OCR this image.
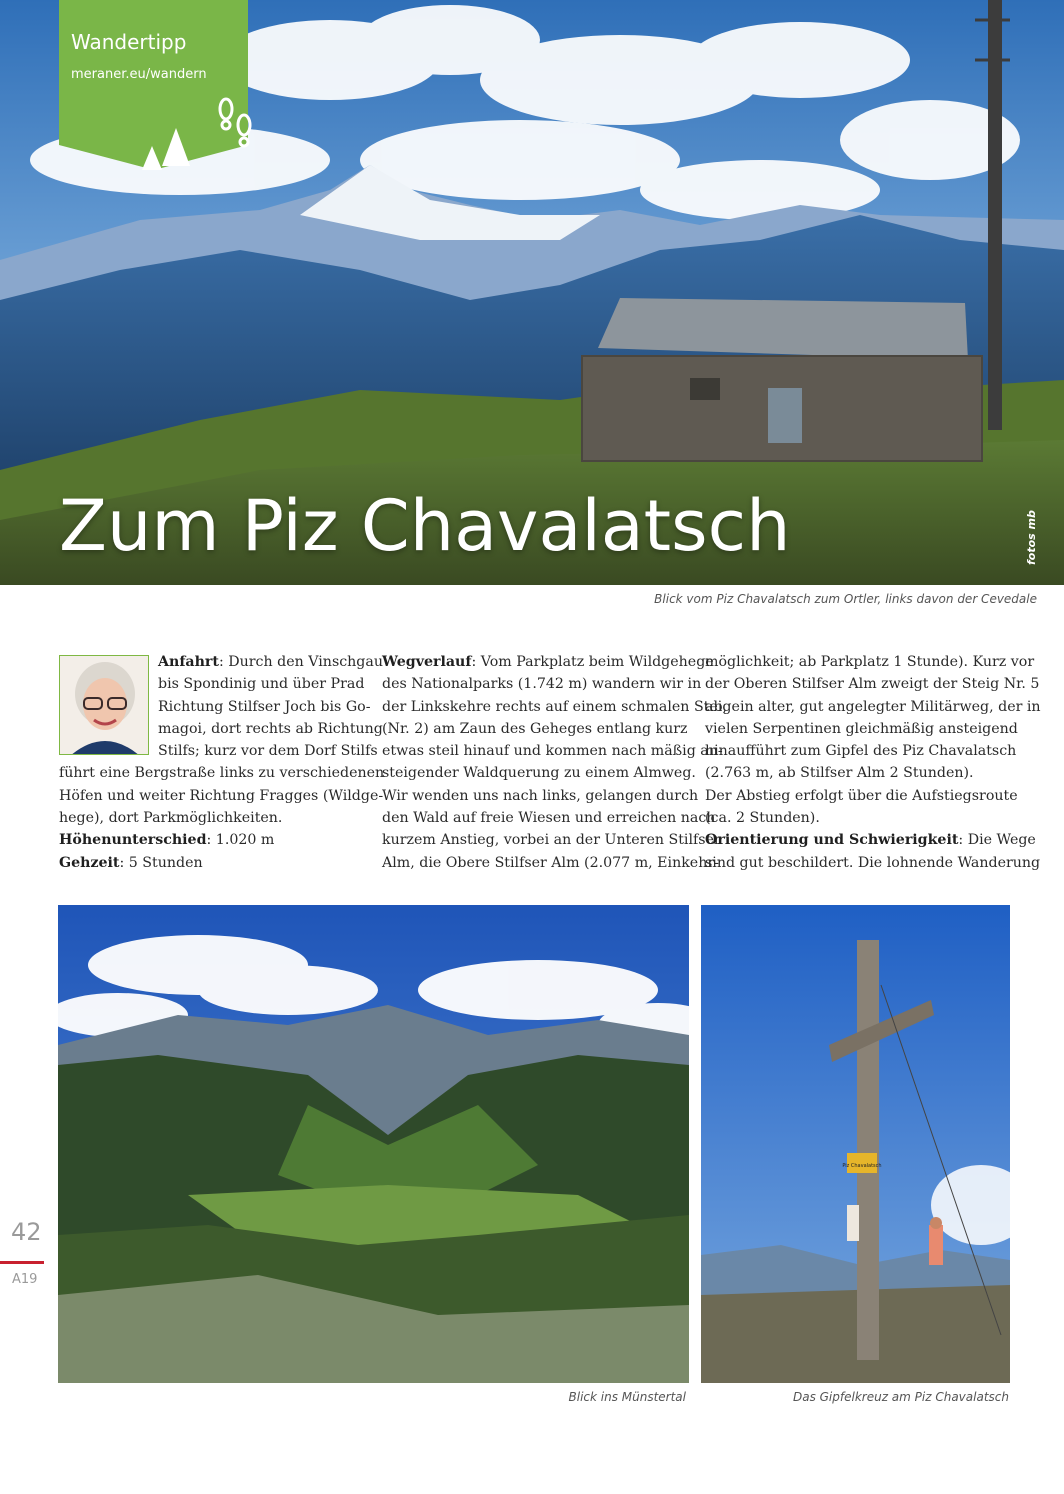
Wandertipp
meraner.eu/wandern
Zum Piz Chavalatsch	fotos mb
Blick vom Piz Chavalatsch zum Ortler, links davon der Cevedale
Anfahrt: Durch den Vinschgau
bis Spondinig und über Prad
Richtung Stilfser Joch bis Go-
magoi, dort rechts ab Richtung
Stilfs; kurz vor dem Dorf Stilfs
führt eine Bergstraße links zu verschiedenen
Höfen und weiter Richtung Fragges (Wildge-
hege), dort Parkmöglichkeiten.
Höhenunterschied: 1.020 m
Gehzeit: 5 Stunden
Wegverlauf: Vom Parkplatz beim Wildgehege
des Nationalparks (1.742 m) wandern wir in
der Linkskehre rechts auf einem schmalen Steig
(Nr. 2) am Zaun des Geheges entlang kurz
etwas steil hinauf und kommen nach mäßig an-
steigender Waldquerung zu einem Almweg.
Wir wenden uns nach links, gelangen durch
den Wald auf freie Wiesen und erreichen nach
kurzem Anstieg, vorbei an der Unteren Stilfser
Alm, die Obere Stilfser Alm (2.077 m, Einkehr-
möglichkeit; ab Parkplatz 1 Stunde). Kurz vor
der Oberen Stilfser Alm zweigt der Steig Nr. 5
ab, ein alter, gut angelegter Militärweg, der in
vielen Serpentinen gleichmäßig ansteigend
hinaufführt zum Gipfel des Piz Chavalatsch
(2.763 m, ab Stilfser Alm 2 Stunden).
Der Abstieg erfolgt über die Aufstiegsroute
(ca. 2 Stunden).
Orientierung und Schwierigkeit: Die Wege
sind gut beschildert. Die lohnende Wanderung
Blick ins Münstertal
Piz Chavalatsch
Das Gipfelkreuz am Piz Chavalatsch
42
A19
